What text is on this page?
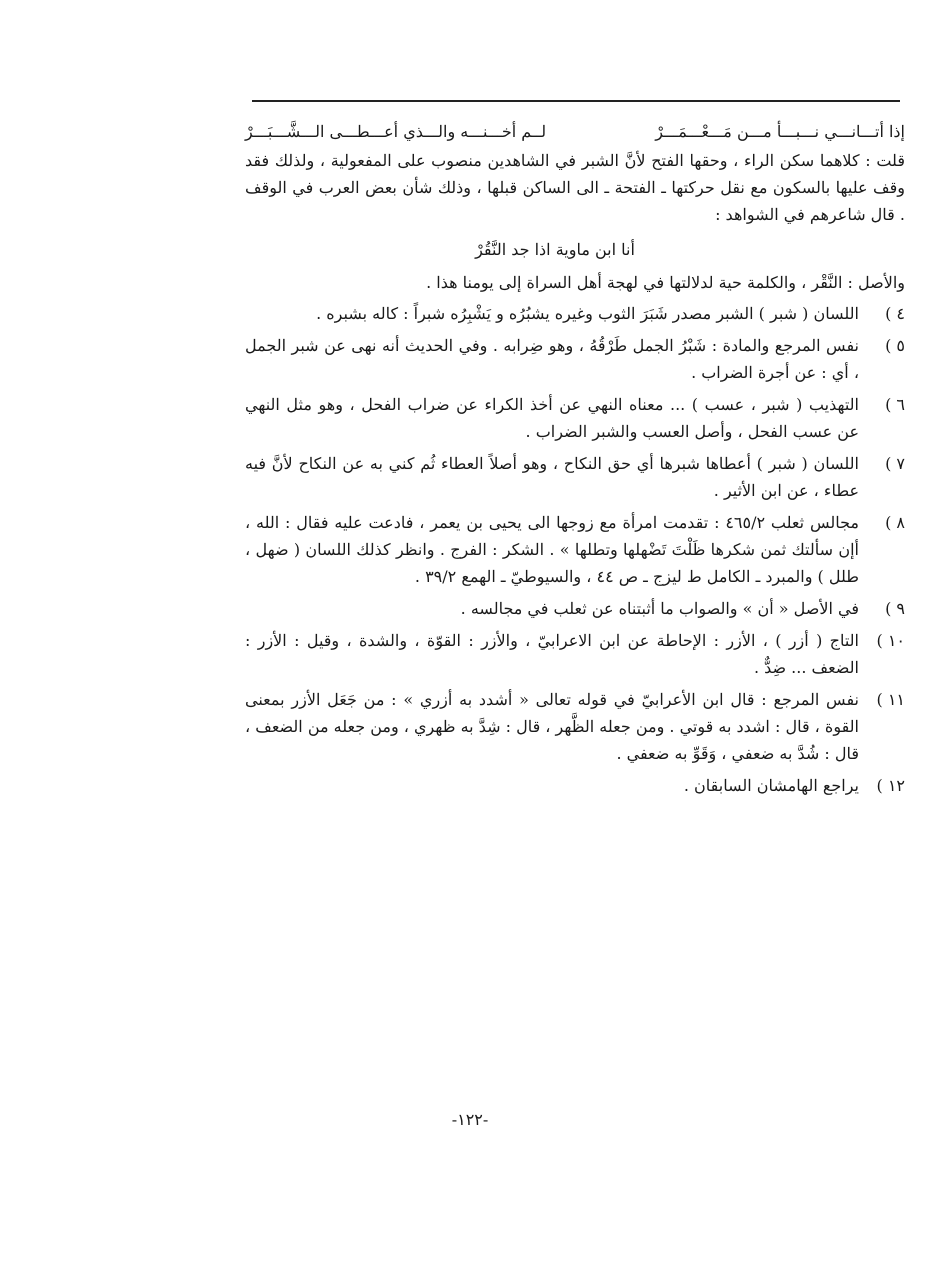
إذا أتـــانـــي نـــبـــأ مـــن مَـــعْـــمَـــرْ
لــم أخـــنـــه والـــذي أعـــطـــى الـــشَّـــبَـــرْ

قلت : كلاهما سكن الراء ، وحقها الفتح لأنَّ الشبر في الشاهدين منصوب على المفعولية ، ولذلك فقد وقف عليها بالسكون مع نقل حركتها ـ الفتحة ـ الى الساكن قبلها ، وذلك شأن بعض العرب في الوقف . قال شاعرهم في الشواهد :

أنا ابن ماوية اذا جد النَّقُرْ

والأصل : النَّقْر ، والكلمة حية لدلالتها في لهجة أهل السراة إلى يومنا هذا .

٤ )
اللسان ( شبر ) الشبر مصدر شَبَرَ الثوب وغيره يشبُرُه و يَشْبِرُه شبراً : كاله بشبره .
٥ )
نفس المرجع والمادة : شَبْرُ الجمل طَرْقُهُ ، وهو ضِرابه . وفي الحديث أنه نهى عن شبر الجمل ، أي : عن أجرة الضراب .
٦ )
التهذيب ( شبر ، عسب ) ... معناه النهي عن أخذ الكراء عن ضراب الفحل ، وهو مثل النهي عن عسب الفحل ، وأصل العسب والشبر الضراب .
٧ )
اللسان ( شبر ) أعطاها شبرها أي حق النكاح ، وهو أصلاً العطاء ثُم كني به عن النكاح لأنَّ فيه عطاء ، عن ابن الأثير .
٨ )
مجالس ثعلب ٤٦٥/٢ : تقدمت امرأة مع زوجها الى يحيى بن يعمر ، فادعت عليه فقال : الله ، أإن سألتك ثمن شكرها ظَلْتَ تَضْهلها وتطلها » . الشكر : الفرج . وانظر كذلك اللسان ( ضهل ، طلل ) والمبرد ـ الكامل ط ليزج ـ ص ٤٤ ، والسيوطيّ ـ الهمع ٣٩/٢ .
٩ )
في الأصل « أن » والصواب ما أثبتناه عن ثعلب في مجالسه .
١٠ )
التاج ( أزر ) ، الأزر : الإحاطة عن ابن الاعرابيّ ، والأزر : القوّة ، والشدة ، وقيل : الأزر : الضعف ... ضِدٌّ .
١١ )
نفس المرجع : قال ابن الأعرابيّ في قوله تعالى « أشدد به أزري » : من جَعَل الأزر بمعنى القوة ، قال : اشدد به قوتي . ومن جعله الظَّهر ، قال : شِدَّ به ظهري ، ومن جعله من الضعف ، قال : شُدَّ به ضعفي ، وَقَوِّ به ضعفي .
١٢ )
يراجع الهامشان السابقان .
-١٢٢-
